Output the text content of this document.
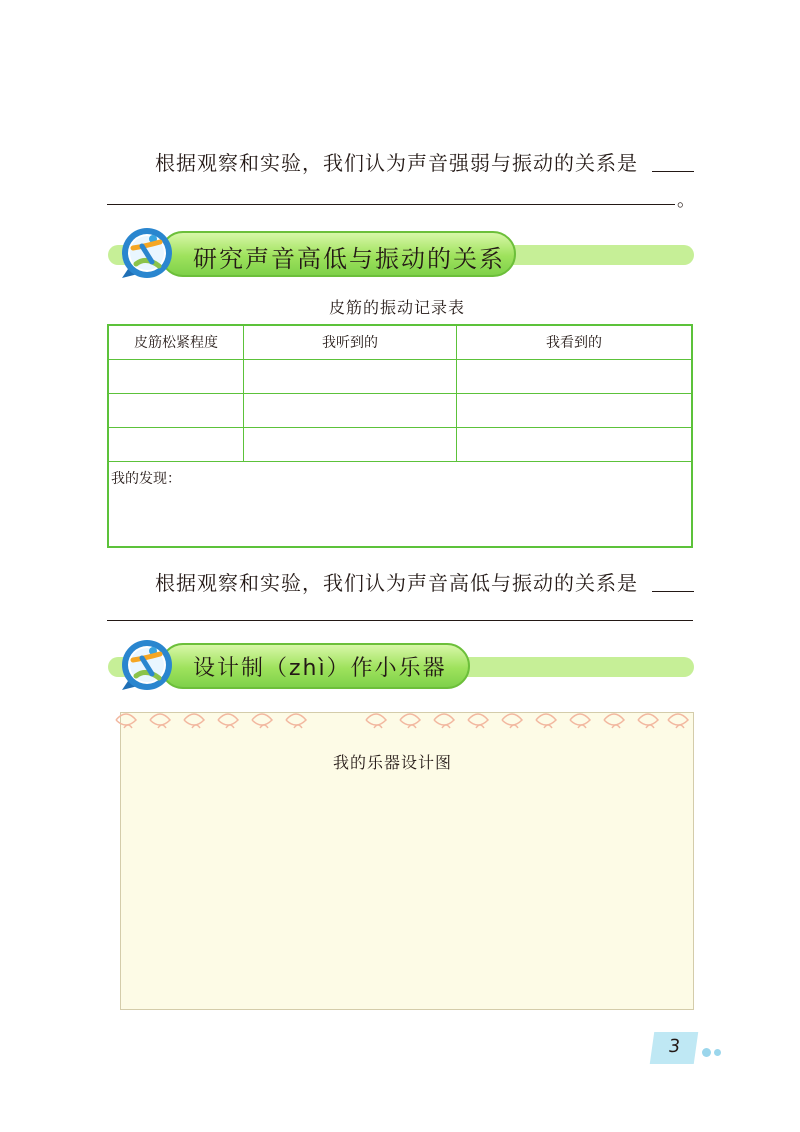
根据观察和实验，我们认为声音强弱与振动的关系是
。
研究声音高低与振动的关系
皮筋的振动记录表
皮筋松紧程度	我听到的	我看到的

我的发现：		
根据观察和实验，我们认为声音高低与振动的关系是
设计制（zhì）作小乐器
我的乐器设计图
3
